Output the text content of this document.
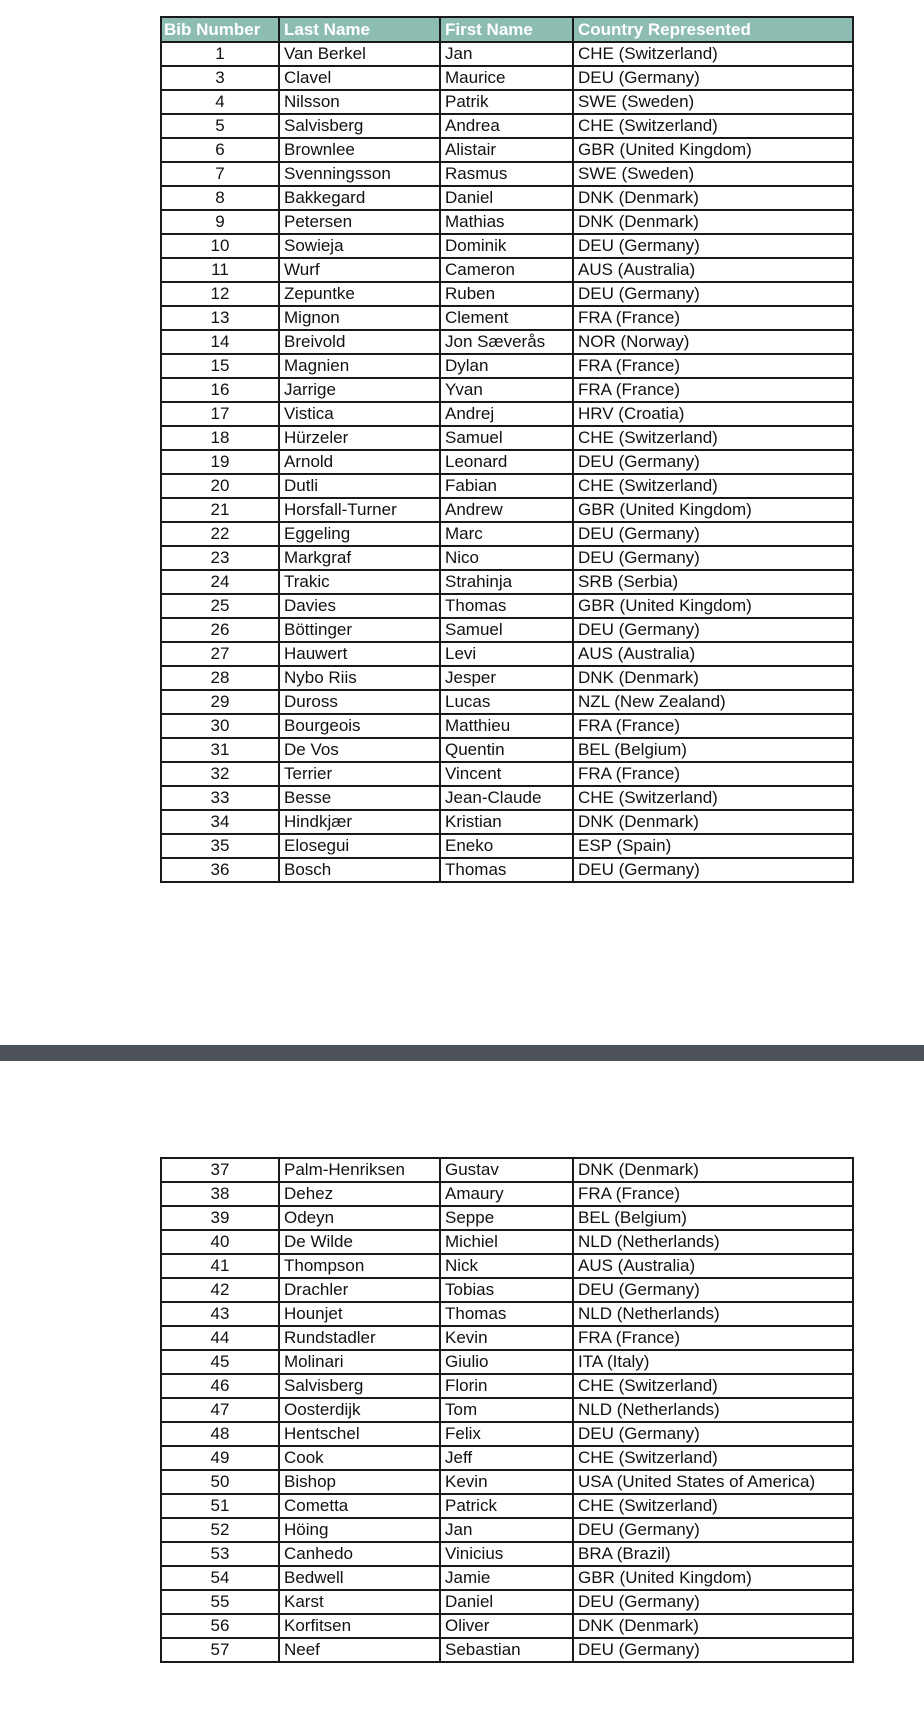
Bib Number	Last Name	First Name	Country Represented
1	Van Berkel	Jan	CHE (Switzerland)
3	Clavel	Maurice	DEU (Germany)
4	Nilsson	Patrik	SWE (Sweden)
5	Salvisberg	Andrea	CHE (Switzerland)
6	Brownlee	Alistair	GBR (United Kingdom)
7	Svenningsson	Rasmus	SWE (Sweden)
8	Bakkegard	Daniel	DNK (Denmark)
9	Petersen	Mathias	DNK (Denmark)
10	Sowieja	Dominik	DEU (Germany)
11	Wurf	Cameron	AUS (Australia)
12	Zepuntke	Ruben	DEU (Germany)
13	Mignon	Clement	FRA (France)
14	Breivold	Jon Sæverås	NOR (Norway)
15	Magnien	Dylan	FRA (France)
16	Jarrige	Yvan	FRA (France)
17	Vistica	Andrej	HRV (Croatia)
18	Hürzeler	Samuel	CHE (Switzerland)
19	Arnold	Leonard	DEU (Germany)
20	Dutli	Fabian	CHE (Switzerland)
21	Horsfall-Turner	Andrew	GBR (United Kingdom)
22	Eggeling	Marc	DEU (Germany)
23	Markgraf	Nico	DEU (Germany)
24	Trakic	Strahinja	SRB (Serbia)
25	Davies	Thomas	GBR (United Kingdom)
26	Böttinger	Samuel	DEU (Germany)
27	Hauwert	Levi	AUS (Australia)
28	Nybo Riis	Jesper	DNK (Denmark)
29	Duross	Lucas	NZL (New Zealand)
30	Bourgeois	Matthieu	FRA (France)
31	De Vos	Quentin	BEL (Belgium)
32	Terrier	Vincent	FRA (France)
33	Besse	Jean-Claude	CHE (Switzerland)
34	Hindkjær	Kristian	DNK (Denmark)
35	Elosegui	Eneko	ESP (Spain)
36	Bosch	Thomas	DEU (Germany)
37	Palm-Henriksen	Gustav	DNK (Denmark)
38	Dehez	Amaury	FRA (France)
39	Odeyn	Seppe	BEL (Belgium)
40	De Wilde	Michiel	NLD (Netherlands)
41	Thompson	Nick	AUS (Australia)
42	Drachler	Tobias	DEU (Germany)
43	Hounjet	Thomas	NLD (Netherlands)
44	Rundstadler	Kevin	FRA (France)
45	Molinari	Giulio	ITA (Italy)
46	Salvisberg	Florin	CHE (Switzerland)
47	Oosterdijk	Tom	NLD (Netherlands)
48	Hentschel	Felix	DEU (Germany)
49	Cook	Jeff	CHE (Switzerland)
50	Bishop	Kevin	USA (United States of America)
51	Cometta	Patrick	CHE (Switzerland)
52	Höing	Jan	DEU (Germany)
53	Canhedo	Vinicius	BRA (Brazil)
54	Bedwell	Jamie	GBR (United Kingdom)
55	Karst	Daniel	DEU (Germany)
56	Korfitsen	Oliver	DNK (Denmark)
57	Neef	Sebastian	DEU (Germany)
